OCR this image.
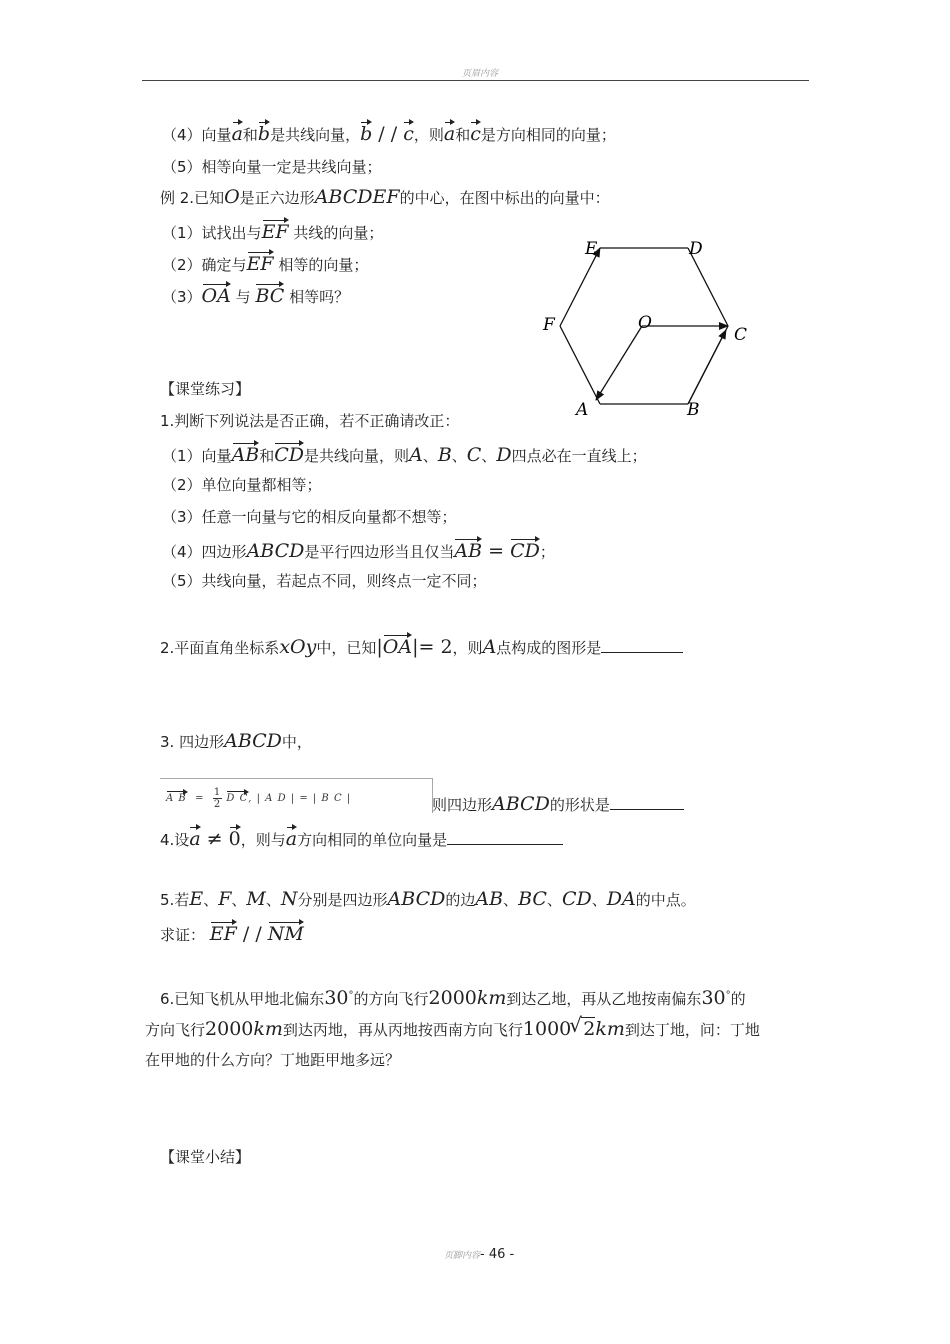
页眉内容
（4）向量a和b是共线向量，b / / c，则a和c是方向相同的向量；
（5）相等向量一定是共线向量；
例 2.已知O是正六边形ABCDEF的中心，在图中标出的向量中：
（1）试找出与EF 共线的向量；
（2）确定与EF 相等的向量；
（3）OA 与 BC 相等吗？
E	D
F	O
C
A	B
【课堂练习】
1.判断下列说法是否正确，若不正确请改正：
（1）向量AB和CD是共线向量，则A、B、C、D四点必在一直线上；
（2）单位向量都相等；
（3）任意一向量与它的相反向量都不想等；
（4）四边形ABCD是平行四边形当且仅当AB = CD；
（5）共线向量，若起点不同，则终点一定不同；
2.平面直角坐标系xOy中，已知|OA|= 2，则A点构成的图形是
3. 四边形ABCD中，
A $B = \frac{1}{2}$ D C, | A D | = | B C |	则四边形ABCD的形状是
4.设a ≠ 0，则与a方向相同的单位向量是
5.若E、F、M、N分别是四边形ABCD的边AB、BC、CD、DA的中点。
求证： EF / / NM
6.已知飞机从甲地北偏东30°的方向飞行2000km到达乙地，再从乙地按南偏东30°的
方向飞行2000km到达丙地，再从丙地按西南方向飞行1000√ 2km到达丁地，问：丁地
在甲地的什么方向？丁地距甲地多远？
【课堂小结】
页脚内容- 46 -
